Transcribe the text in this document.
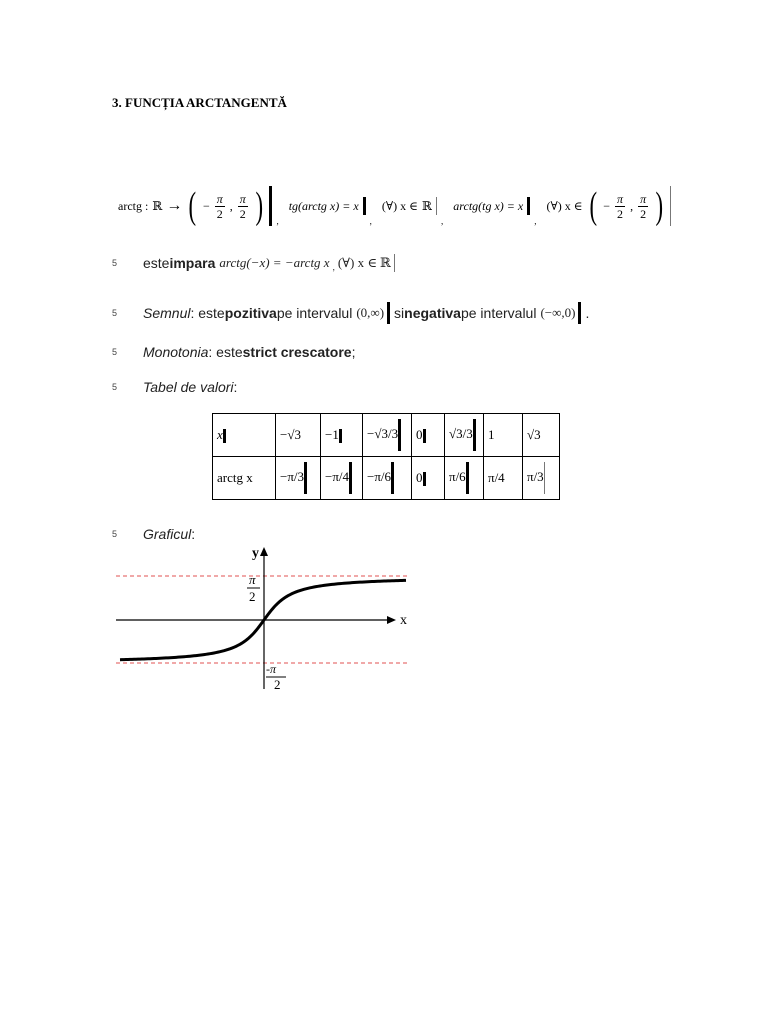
3. FUNCȚIA ARCTANGENTĂ
arctg : ℝ → ( − $\frac{\pi}{2}$ , $\frac{\pi}{2}$ ) ,
tg(arctg x) = x
,
(∀) x ∈ ℝ
,
arctg(tg x) = x
,
(∀) x ∈ ( − $\frac{\pi}{2}$ , $\frac{\pi}{2}$ )
5	este impara arctg(−x) = −arctg x , (∀) x ∈ ℝ
5	Semnul : este pozitiva pe intervalul (0,∞) si negativa pe intervalul (−∞,0) .
5	Monotonia : este strict crescatore ;
5	Tabel de valori :
x	−√3	−1	−√3/3	0	√3/3	1	√3
arctg x	−π/3	−π/4	−π/6	0	π/6	π/4	π/3
5	Graficul :
y
x
π
2
-π
2
